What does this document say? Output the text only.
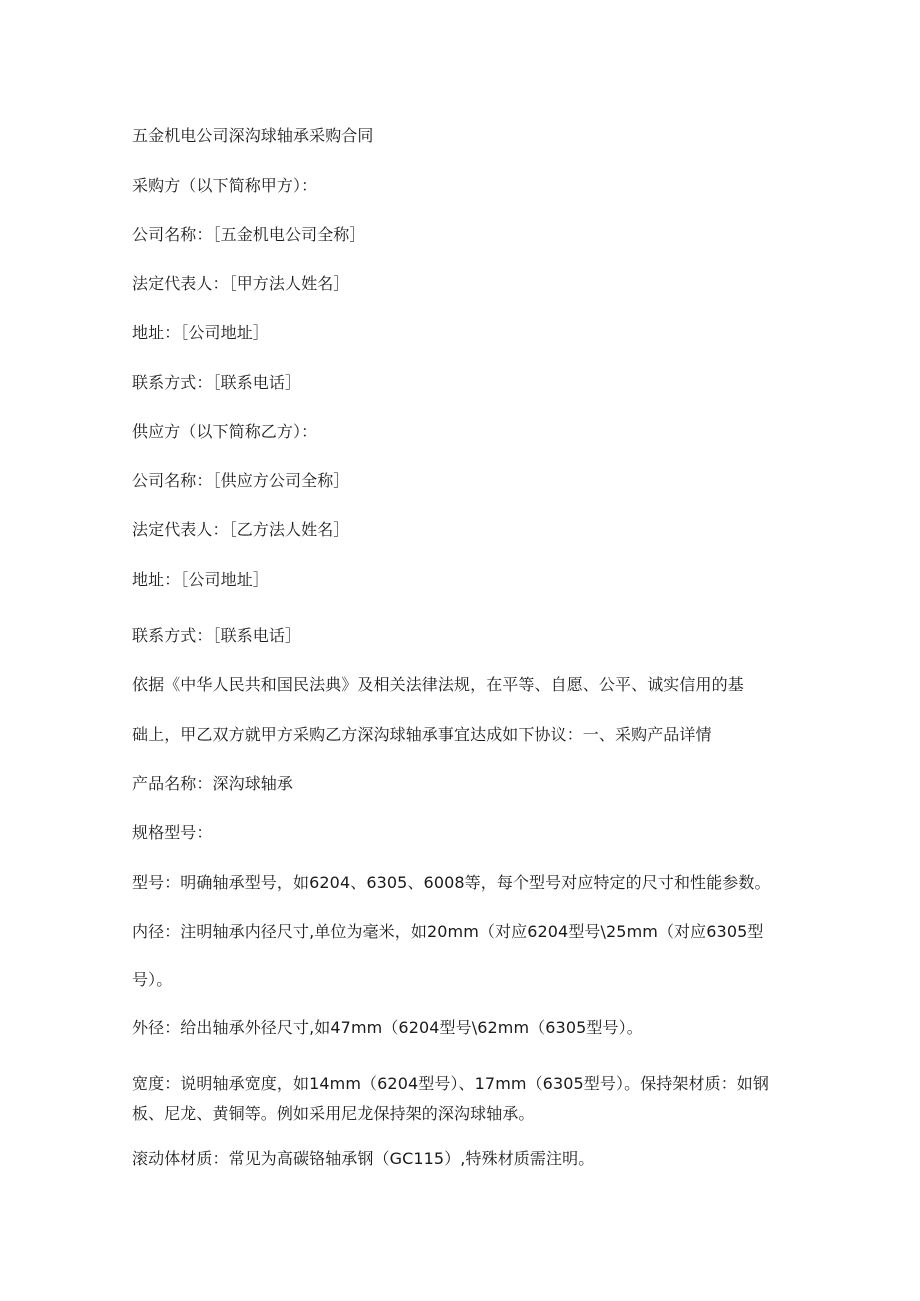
五金机电公司深沟球轴承采购合同
采购方（以下简称甲方）：
公司名称：［五金机电公司全称］
法定代表人：［甲方法人姓名］
地址：［公司地址］
联系方式：［联系电话］
供应方（以下简称乙方）：
公司名称：［供应方公司全称］
法定代表人：［乙方法人姓名］
地址：［公司地址］
联系方式：［联系电话］
依据《中华人民共和国民法典》及相关法律法规，在平等、自愿、公平、诚实信用的基
础上，甲乙双方就甲方采购乙方深沟球轴承事宜达成如下协议：一、采购产品详情
产品名称：深沟球轴承
规格型号：
型号：明确轴承型号，如6204、6305、6008等，每个型号对应特定的尺寸和性能参数。
内径：注明轴承内径尺寸,单位为毫米，如20mm（对应6204型号\25mm（对应6305型
号）。
外径：给出轴承外径尺寸,如47mm（6204型号\62mm（6305型号）。
宽度：说明轴承宽度，如14mm（6204型号）、17mm（6305型号）。保持架材质：如钢
板、尼龙、黄铜等。例如采用尼龙保持架的深沟球轴承。
滚动体材质：常见为高碳铬轴承钢（GC115）,特殊材质需注明。
